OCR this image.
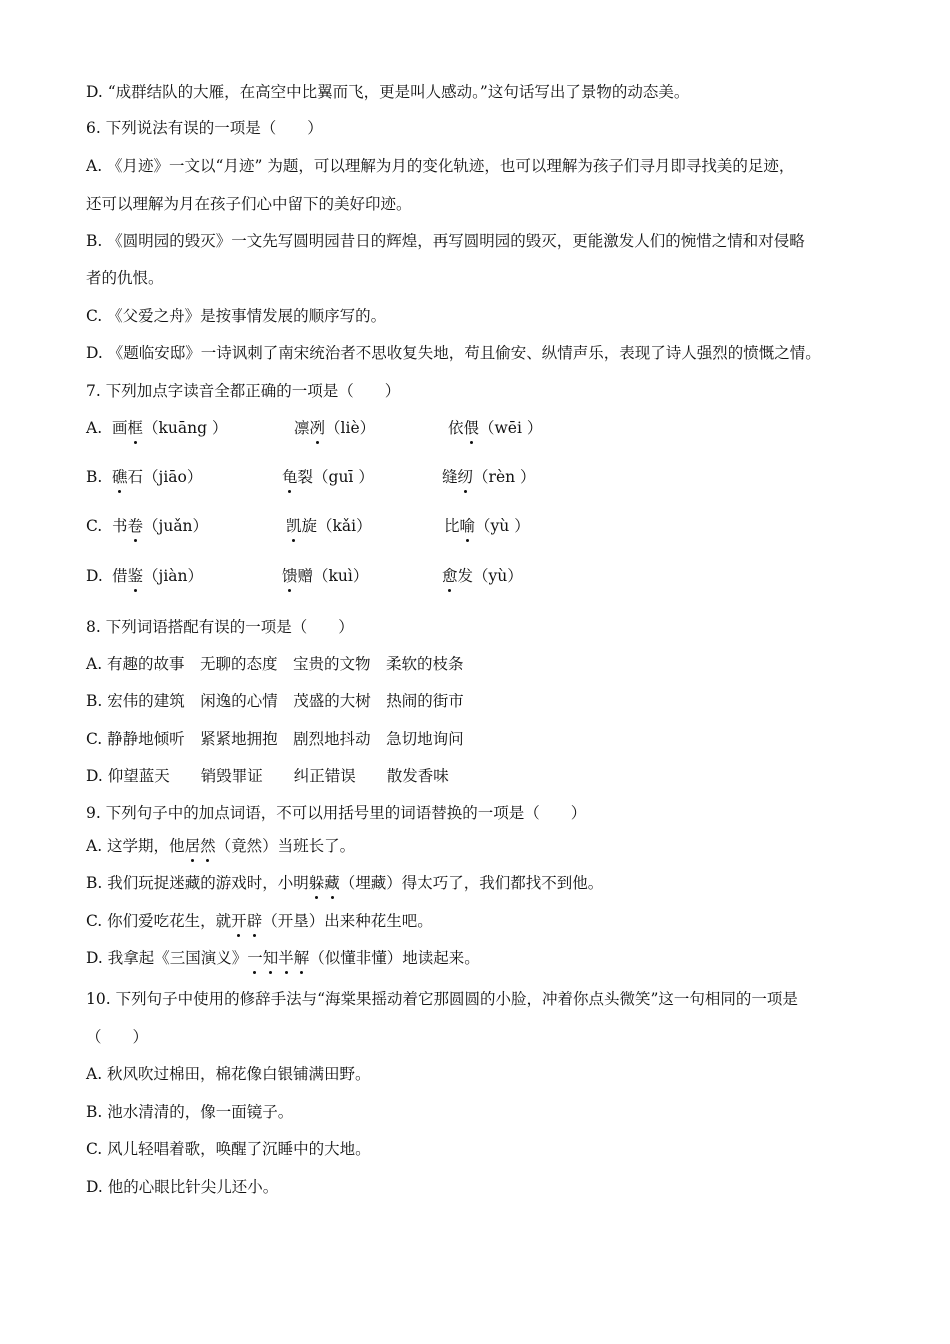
D. “成群结队的大雁，在高空中比翼而飞，更是叫人感动。”这句话写出了景物的动态美。
6. 下列说法有误的一项是（　　）
A. 《月迹》一文以“月迹” 为题，可以理解为月的变化轨迹，也可以理解为孩子们寻月即寻找美的足迹，
还可以理解为月在孩子们心中留下的美好印迹。
B. 《圆明园的毁灭》一文先写圆明园昔日的辉煌，再写圆明园的毁灭，更能激发人们的惋惜之情和对侵略
者的仇恨。
C. 《父爱之舟》是按事情发展的顺序写的。
D. 《题临安邸》一诗讽刺了南宋统治者不思收复失地，苟且偷安、纵情声乐，表现了诗人强烈的愤慨之情。
7. 下列加点字读音全都正确的一项是（　　）
A. 画框（kuāng ）	凛冽（liè）	依偎（wēi ）
B. 礁石（jiāo）	龟裂（guī ）	缝纫（rèn ）
C. 书卷（juǎn）	凯旋（kǎi）	比喻（yù ）
D. 借鉴（jiàn）	馈赠（kuì）	愈发（yù）
8. 下列词语搭配有误的一项是（　　）
A. 有趣的故事　无聊的态度　宝贵的文物　柔软的枝条
B. 宏伟的建筑　闲逸的心情　茂盛的大树　热闹的街市
C. 静静地倾听　紧紧地拥抱　剧烈地抖动　急切地询问
D. 仰望蓝天　　销毁罪证　　纠正错误　　散发香味
9. 下列句子中的加点词语，不可以用括号里的词语替换的一项是（　　）
A. 这学期，他居然（竟然）当班长了。
B. 我们玩捉迷藏的游戏时，小明躲藏（埋藏）得太巧了，我们都找不到他。
C. 你们爱吃花生，就开辟（开垦）出来种花生吧。
D. 我拿起《三国演义》一知半解（似懂非懂）地读起来。
10. 下列句子中使用的修辞手法与“海棠果摇动着它那圆圆的小脸，冲着你点头微笑”这一句相同的一项是
（　　）
A. 秋风吹过棉田，棉花像白银铺满田野。
B. 池水清清的，像一面镜子。
C. 风儿轻唱着歌，唤醒了沉睡中的大地。
D. 他的心眼比针尖儿还小。
